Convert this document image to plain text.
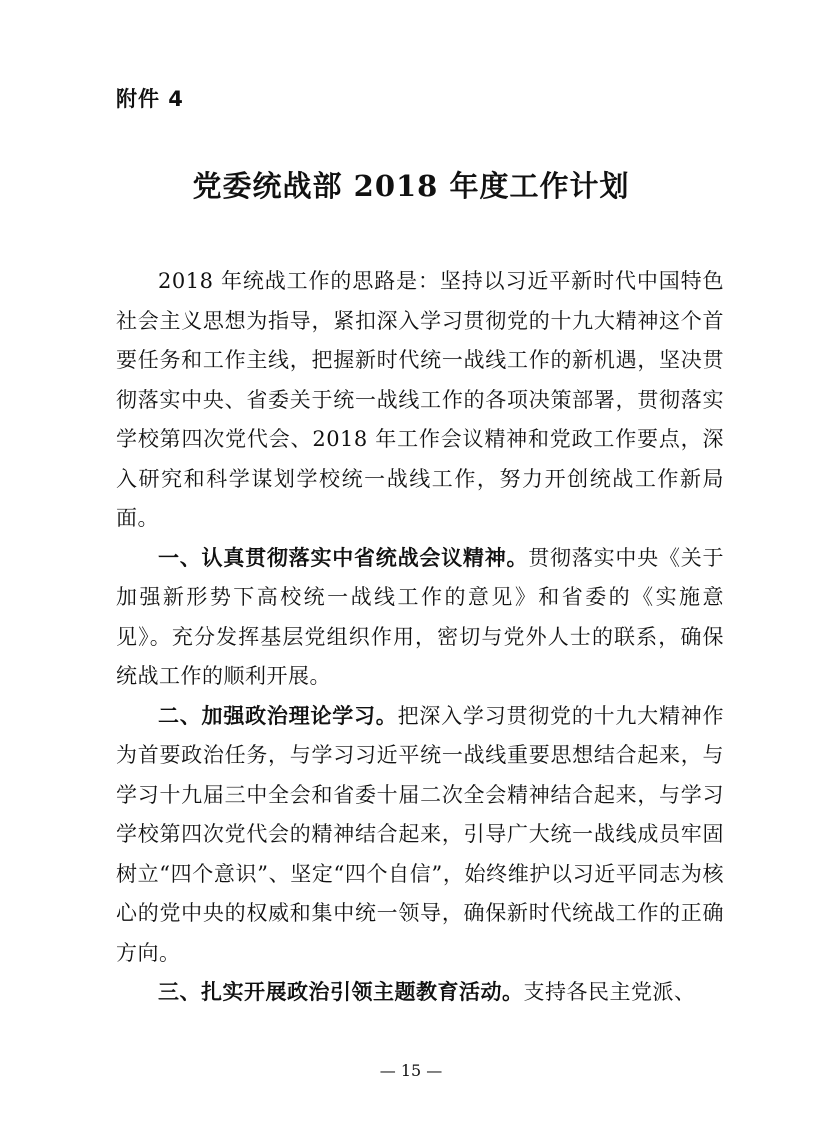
附件 4
党委统战部 2018 年度工作计划

2018 年统战工作的思路是：坚持以习近平新时代中国特色社会主义思想为指导，紧扣深入学习贯彻党的十九大精神这个首要任务和工作主线，把握新时代统一战线工作的新机遇，坚决贯彻落实中央、省委关于统一战线工作的各项决策部署，贯彻落实学校第四次党代会、2018 年工作会议精神和党政工作要点，深入研究和科学谋划学校统一战线工作，努力开创统战工作新局面。

一、认真贯彻落实中省统战会议精神。贯彻落实中央《关于加强新形势下高校统一战线工作的意见》和省委的《实施意见》。充分发挥基层党组织作用，密切与党外人士的联系，确保统战工作的顺利开展。

二、加强政治理论学习。把深入学习贯彻党的十九大精神作为首要政治任务，与学习习近平统一战线重要思想结合起来，与学习十九届三中全会和省委十届二次全会精神结合起来，与学习学校第四次党代会的精神结合起来，引导广大统一战线成员牢固树立“四个意识”、坚定“四个自信”，始终维护以习近平同志为核心的党中央的权威和集中统一领导，确保新时代统战工作的正确方向。

三、扎实开展政治引领主题教育活动。支持各民主党派、

— 15 —
